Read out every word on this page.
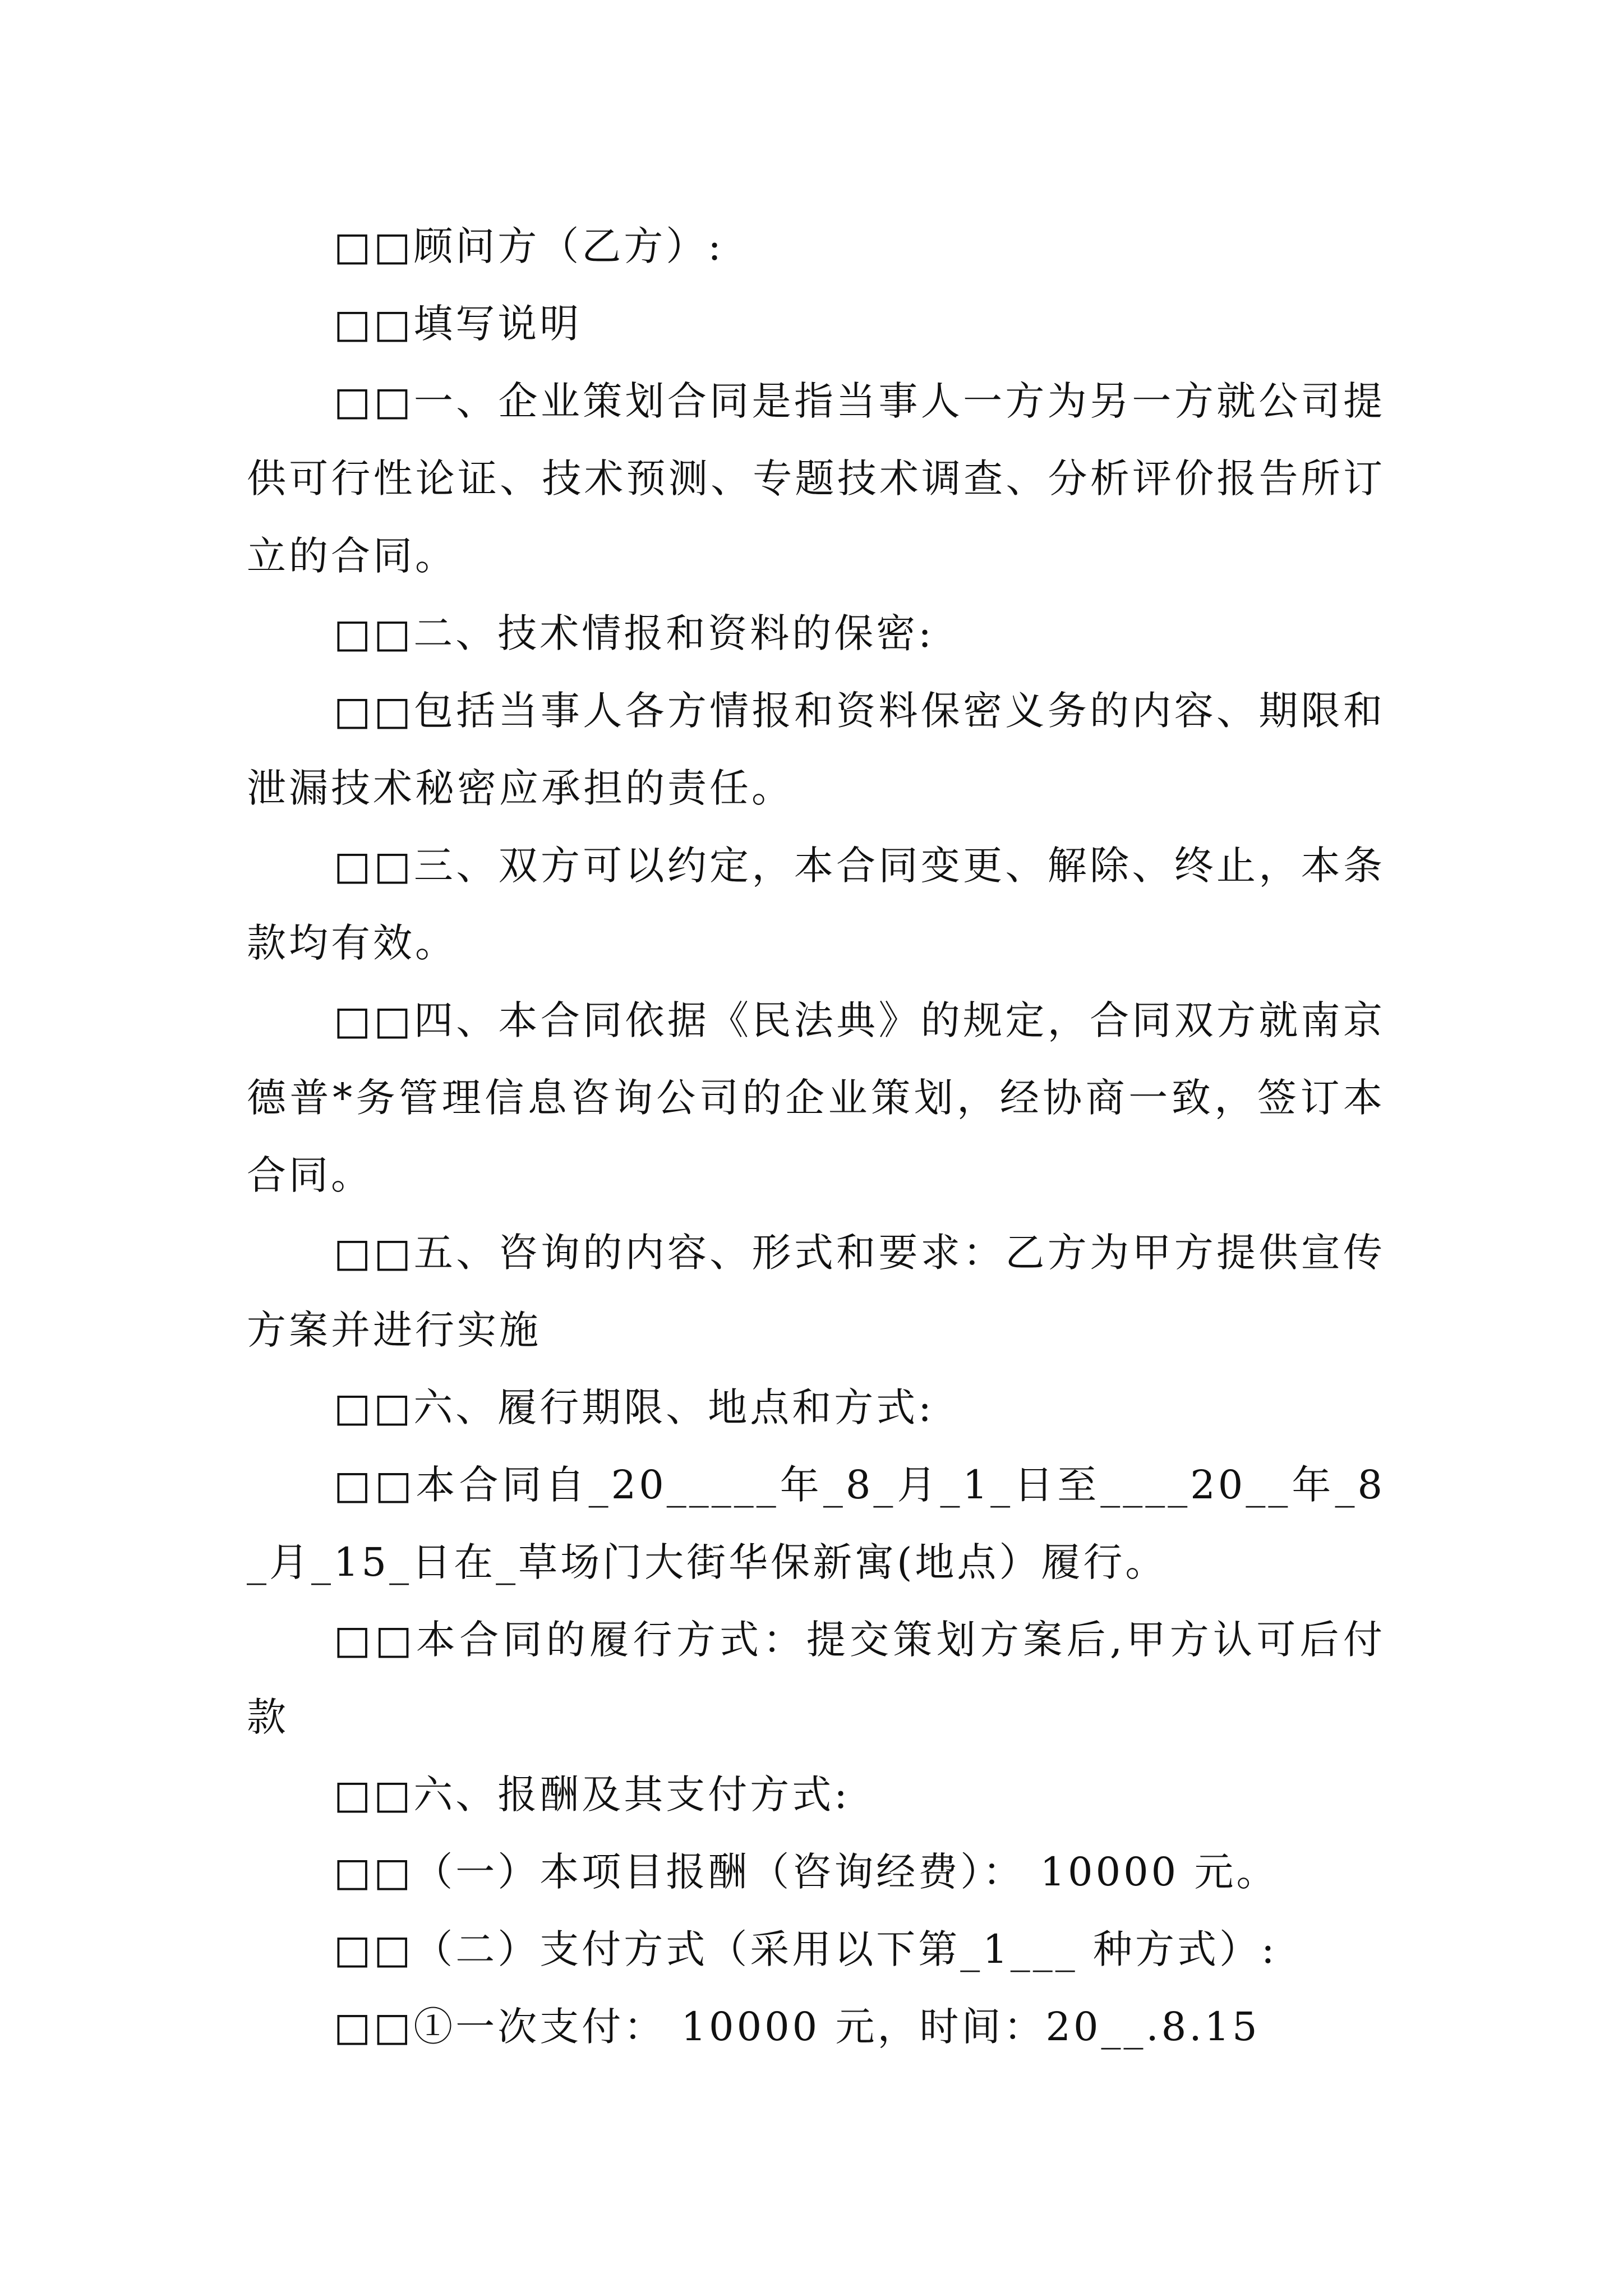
□□顾问方（乙方）:

□□填写说明

□□一、企业策划合同是指当事人一方为另一方就公司提供可行性论证、技术预测、专题技术调查、分析评价报告所订立的合同。

□□二、技术情报和资料的保密:

□□包括当事人各方情报和资料保密义务的内容、期限和泄漏技术秘密应承担的责任。

□□三、双方可以约定，本合同变更、解除、终止，本条款均有效。

□□四、本合同依据《民法典》的规定，合同双方就南京德普*务管理信息咨询公司的企业策划，经协商一致，签订本合同。

□□五、咨询的内容、形式和要求：乙方为甲方提供宣传方案并进行实施

□□六、履行期限、地点和方式:

□□本合同自_20_____年_8_月_1_日至____20__年_8_月_15_日在_草场门大街华保新寓(地点）履行。

□□本合同的履行方式：提交策划方案后,甲方认可后付款

□□六、报酬及其支付方式:

□□（一）本项目报酬（咨询经费）： 10000 元。

□□（二）支付方式（采用以下第_1___ 种方式）:

□□①一次支付： 10000 元，时间：20__.8.15
